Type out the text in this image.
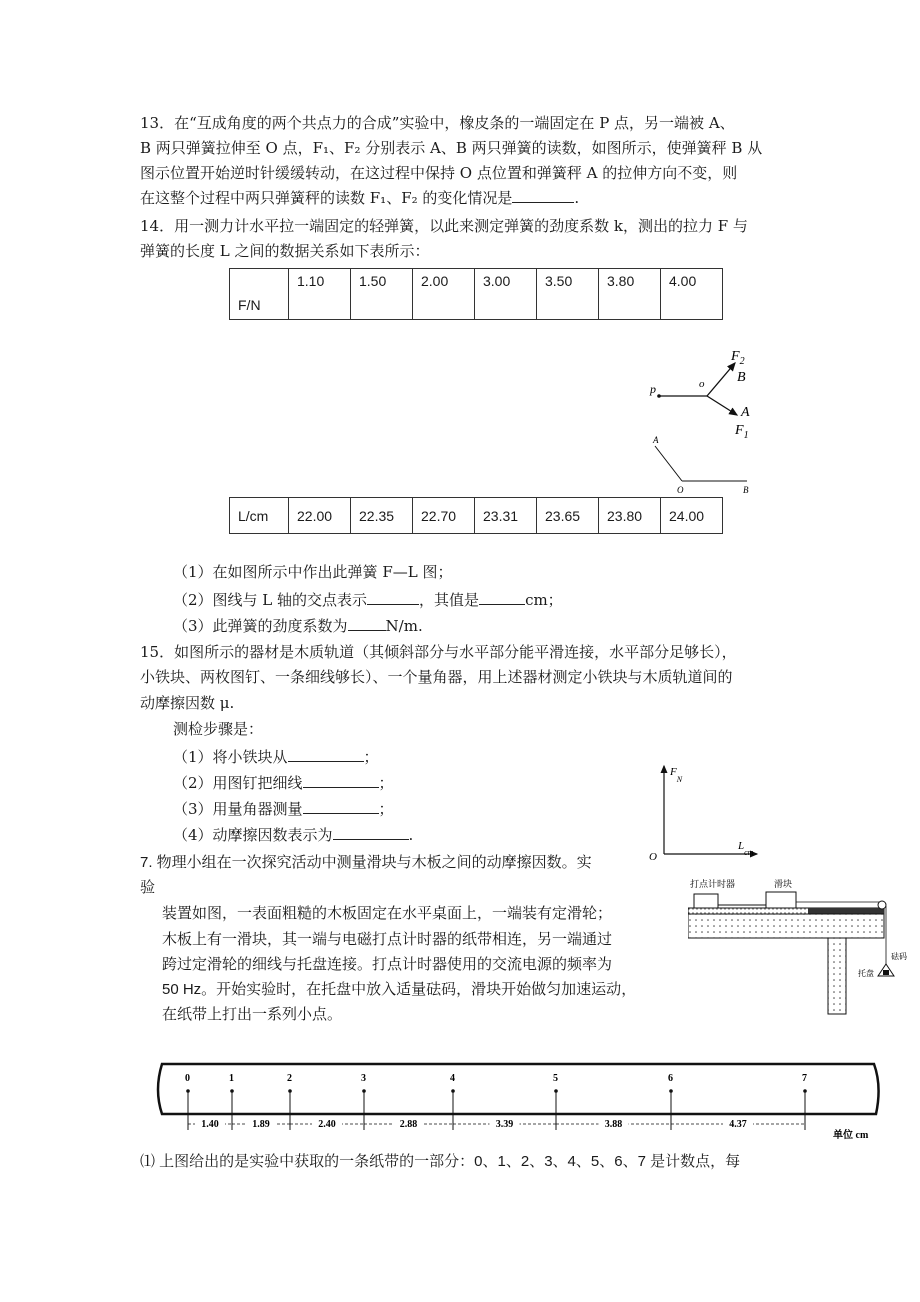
13．在“互成角度的两个共点力的合成”实验中，橡皮条的一端固定在 P 点，另一端被 A、
B 两只弹簧拉伸至 O 点，F₁、F₂ 分别表示 A、B 两只弹簧的读数，如图所示，使弹簧秤 B 从
图示位置开始逆时针缓缓转动，在这过程中保持 O 点位置和弹簧秤 A 的拉伸方向不变，则
在这整个过程中两只弹簧秤的读数 F₁、F₂ 的变化情况是	.
14．用一测力计水平拉一端固定的轻弹簧，以此来测定弹簧的劲度系数 k，测出的拉力 F 与
弹簧的长度 L 之间的数据关系如下表所示：
F/N	1.10	1.50	2.00	3.00	3.50	3.80	4.00
p	o
$F_2$
B
A
$F_1$
A
O	B
L/cm	22.00	22.35	22.70	23.31	23.65	23.80	24.00
（1）在如图所示中作出此弹簧 F—L 图；
（2）图线与 L 轴的交点表示	，其值是	cm；
（3）此弹簧的劲度系数为	N/m.
15．如图所示的器材是木质轨道（其倾斜部分与水平部分能平滑连接，水平部分足够长），
小铁块、两枚图钉、一条细线够长）、一个量角器，用上述器材测定小铁块与木质轨道间的
动摩擦因数 μ.
测检步骤是：
（1）将小铁块从	；
（2）用图钉把细线	；
（3）用量角器测量	；
（4）动摩擦因数表示为	.
$F_N$
$L_{cm}$
O
7. 物理小组在一次探究活动中测量滑块与木板之间的动摩擦因数。实
验
装置如图，一表面粗糙的木板固定在水平桌面上，一端装有定滑轮；
木板上有一滑块，其一端与电磁打点计时器的纸带相连，另一端通过
跨过定滑轮的细线与托盘连接。打点计时器使用的交流电源的频率为
50 Hz。开始实验时，在托盘中放入适量砝码，滑块开始做匀加速运动，
在纸带上打出一系列小点。
打点计时器	滑块
砝码
托盘
0	1	2	3	4	5	6	7
1.40	1.89	2.40	2.88	3.39	3.88	4.37
单位 cm
⑴ 上图给出的是实验中获取的一条纸带的一部分：0、1、2、3、4、5、6、7 是计数点，每
